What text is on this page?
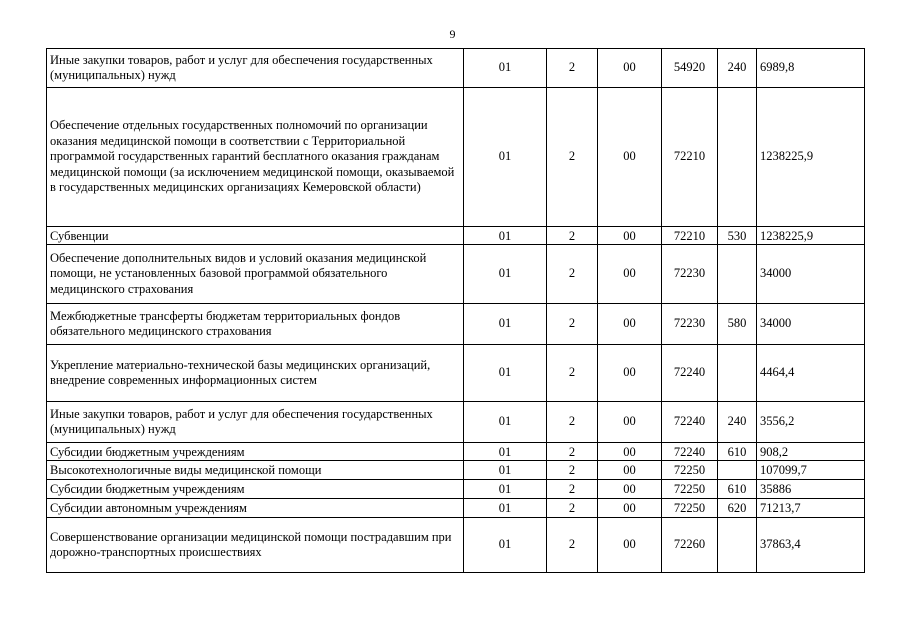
9
Иные закупки товаров, работ и услуг для обеспечения государственных (муниципальных) нужд	01	2	00	54920	240	6989,8
Обеспечение отдельных государственных полномочий по организации оказания медицинской помощи в соответствии с Территориальной программой государственных гарантий бесплатного оказания гражданам медицинской помощи (за исключением медицинской помощи, оказываемой в государственных медицинских организациях Кемеровской области)	01	2	00	72210		1238225,9
Субвенции	01	2	00	72210	530	1238225,9
Обеспечение дополнительных видов и условий оказания медицинской помощи, не установленных базовой программой обязательного медицинского страхования	01	2	00	72230		34000
Межбюджетные трансферты бюджетам территориальных фондов обязательного медицинского страхования	01	2	00	72230	580	34000
Укрепление материально-технической базы медицинских организаций, внедрение современных информационных систем	01	2	00	72240		4464,4
Иные закупки товаров, работ и услуг для обеспечения государственных (муниципальных) нужд	01	2	00	72240	240	3556,2
Субсидии бюджетным учреждениям	01	2	00	72240	610	908,2
Высокотехнологичные виды медицинской помощи	01	2	00	72250		107099,7
Субсидии бюджетным учреждениям	01	2	00	72250	610	35886
Субсидии автономным учреждениям	01	2	00	72250	620	71213,7
Совершенствование организации медицинской помощи пострадавшим при дорожно-транспортных происшествиях	01	2	00	72260		37863,4
